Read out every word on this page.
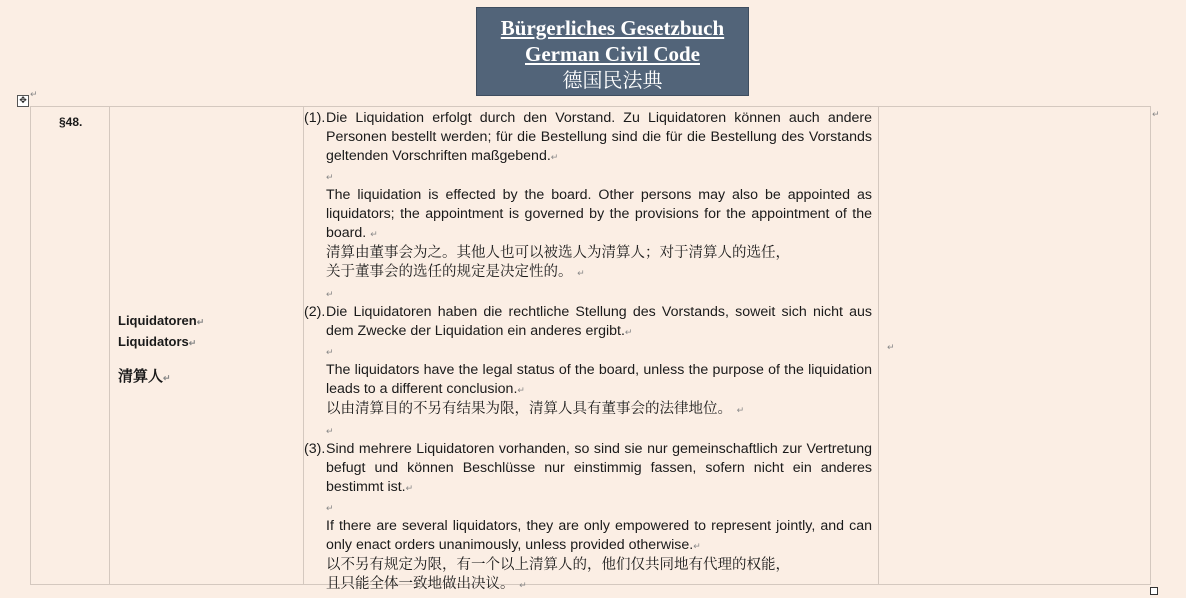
Bürgerliches Gesetzbuch
German Civil Code
德国民法典
✥
↵
§48.
Liquidatoren↵
Liquidators↵
清算人↵
(1). Die Liquidation erfolgt durch den Vorstand. Zu Liquidatoren können auch andere Personen bestellt werden; für die Bestellung sind die für die Bestellung des Vorstands geltenden Vorschriften maßgebend.↵
↵
The liquidation is effected by the board. Other persons may also be appointed as liquidators; the appointment is governed by the provisions for the appointment of the board. ↵
清算由董事会为之。其他人也可以被选人为清算人；对于清算人的选任，
关于董事会的选任的规定是决定性的。 ↵
↵
(2). Die Liquidatoren haben die rechtliche Stellung des Vorstands, soweit sich nicht aus dem Zwecke der Liquidation ein anderes ergibt.↵
↵
The liquidators have the legal status of the board, unless the purpose of the liquidation leads to a different conclusion.↵
以由清算目的不另有结果为限，清算人具有董事会的法律地位。 ↵
↵
(3). Sind mehrere Liquidatoren vorhanden, so sind sie nur gemeinschaftlich zur Vertretung befugt und können Beschlüsse nur einstimmig fassen, sofern nicht ein anderes bestimmt ist.↵
↵
If there are several liquidators, they are only empowered to represent jointly, and can only enact orders unanimously, unless provided otherwise.↵
以不另有规定为限，有一个以上清算人的，他们仅共同地有代理的权能，
且只能全体一致地做出决议。 ↵
↵
↵
